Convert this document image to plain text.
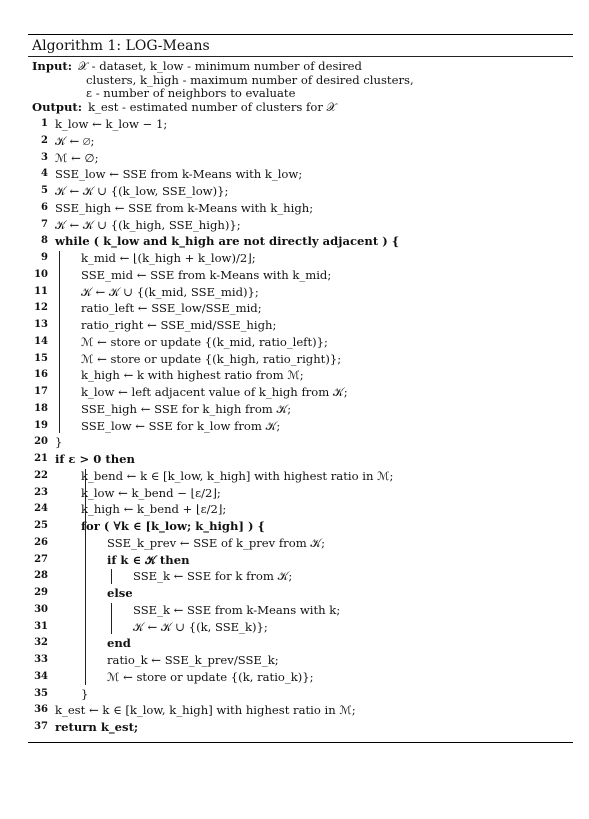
Algorithm 1: LOG-Means
Input: 𝒳 - dataset, k_low - minimum number of desired
clusters, k_high - maximum number of desired clusters,
ε - number of neighbors to evaluate
Output: k_est - estimated number of clusters for 𝒳
1 k_low ← k_low − 1;
2 𝒦 ← ∅;
3 ℳ ← ∅;
4 SSE_low ← SSE from k-Means with k_low;
5 𝒦 ← 𝒦 ∪ {(k_low, SSE_low)};
6 SSE_high ← SSE from k-Means with k_high;
7 𝒦 ← 𝒦 ∪ {(k_high, SSE_high)};
8 while ( k_low and k_high are not directly adjacent ) {
9	k_mid ← ⌊(k_high + k_low)/2⌋;
10	SSE_mid ← SSE from k-Means with k_mid;
11	𝒦 ← 𝒦 ∪ {(k_mid, SSE_mid)};
12	ratio_left ← SSE_low/SSE_mid;
13	ratio_right ← SSE_mid/SSE_high;
14	ℳ ← store or update {(k_mid, ratio_left)};
15	ℳ ← store or update {(k_high, ratio_right)};
16	k_high ← k with highest ratio from ℳ;
17	k_low ← left adjacent value of k_high from 𝒦;
18	SSE_high ← SSE for k_high from 𝒦;
19	SSE_low ← SSE for k_low from 𝒦;
20 }
21 if ε > 0 then
22	k_bend ← k ∈ [k_low, k_high] with highest ratio in ℳ;
23	k_low ← k_bend − ⌊ε/2⌋;
24	k_high ← k_bend + ⌊ε/2⌋;
25	for ( ∀k ∈ [k_low; k_high] ) {
26	SSE_k_prev ← SSE of k_prev from 𝒦;
27	if k ∈ 𝒦 then
28	SSE_k ← SSE for k from 𝒦;
29	else
30	SSE_k ← SSE from k-Means with k;
31	𝒦 ← 𝒦 ∪ {(k, SSE_k)};
32	end
33	ratio_k ← SSE_k_prev/SSE_k;
34	ℳ ← store or update {(k, ratio_k)};
35	}
36 k_est ← k ∈ [k_low, k_high] with highest ratio in ℳ;
37 return k_est;
